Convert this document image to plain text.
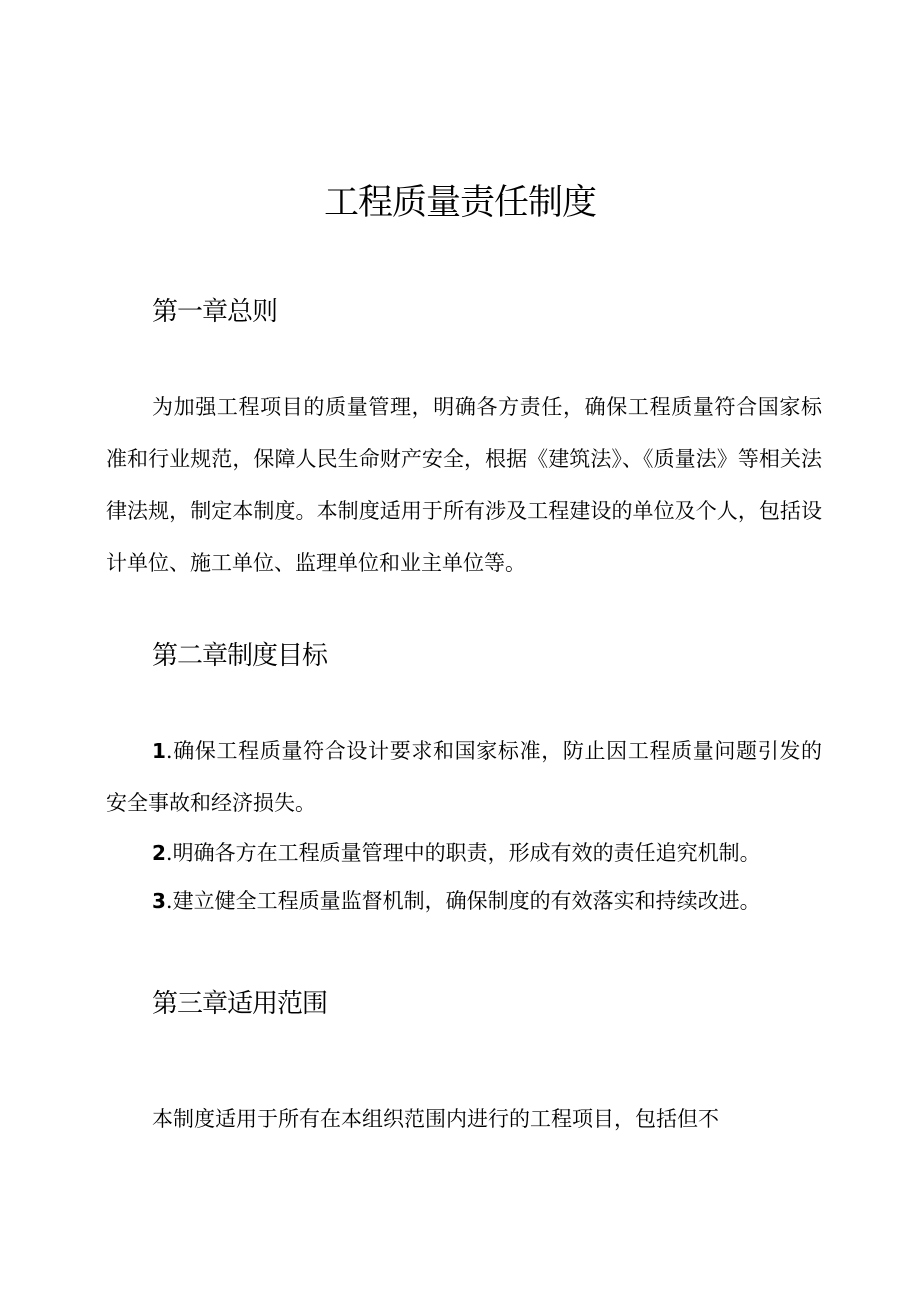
工程质量责任制度
第一章总则

为加强工程项目的质量管理，明确各方责任，确保工程质量符合国家标准和行业规范，保障人民生命财产安全，根据《建筑法》、《质量法》等相关法律法规，制定本制度。本制度适用于所有涉及工程建设的单位及个人，包括设计单位、施工单位、监理单位和业主单位等。

第二章制度目标

1.确保工程质量符合设计要求和国家标准，防止因工程质量问题引发的安全事故和经济损失。

2.明确各方在工程质量管理中的职责，形成有效的责任追究机制。

3.建立健全工程质量监督机制，确保制度的有效落实和持续改进。

第三章适用范围

本制度适用于所有在本组织范围内进行的工程项目，包括但不
